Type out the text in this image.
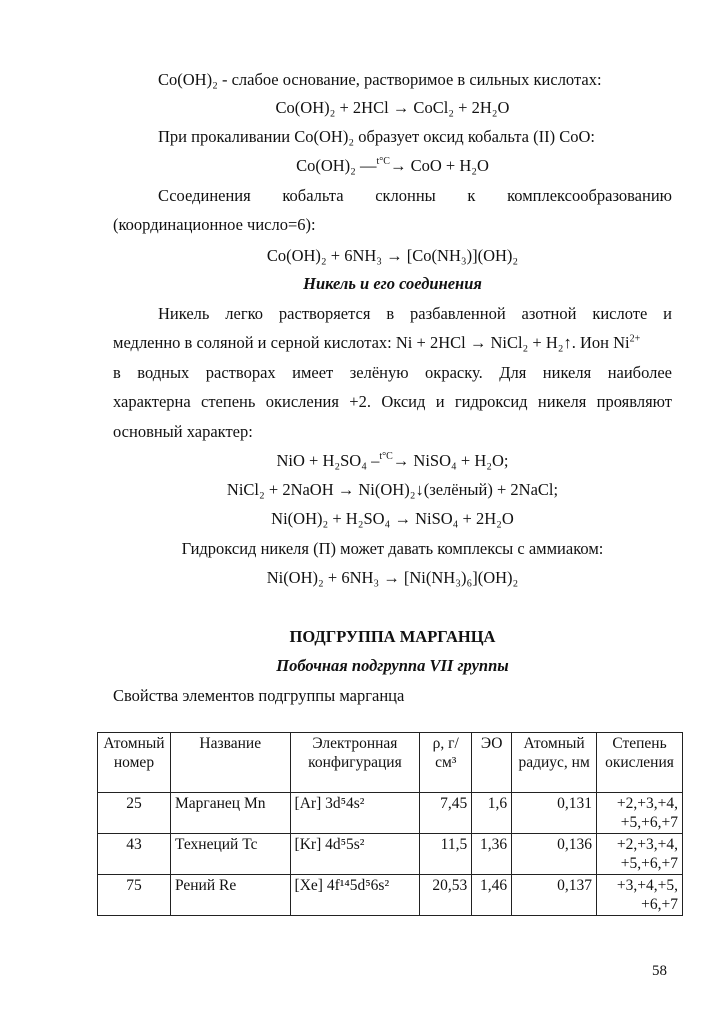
Co(OH)₂ - слабое основание, растворимое в сильных кислотах:
Co(OH)₂ + 2HCl → CoCl₂ + 2H₂O
При прокаливании Co(OH)₂ образует оксид кобальта (II) CoO:
Co(OH)₂ —$^{t^\circ C}$→ CoO + H₂O
Ссоединения кобальта склонны к комплексообразованию
(координационное число=6):
Co(OH)₂ + 6NH₃ → [Co(NH₃)](OH)₂
Никель и его соединения
Никель легко растворяется в разбавленной азотной кислоте и
медленно в соляной и серной кислотах: Ni + 2HCl → NiCl₂ + H₂↑. Ион $Ni^{2+}$
в водных растворах имеет зелёную окраску. Для никеля наиболее
характерна степень окисления +2. Оксид и гидроксид никеля проявляют
основный характер:
NiO + H₂SO₄ –$^{t^\circ C}$→ NiSO₄ + H₂O;
NiCl₂ + 2NaOH → Ni(OH)₂↓(зелёный) + 2NaCl;
Ni(OH)₂ + H₂SO₄ → NiSO₄ + 2H₂O
Гидроксид никеля (П) может давать комплексы с аммиаком:
Ni(OH)₂ + 6NH₃ → [Ni(NH₃)₆](OH)₂
ПОДГРУППА МАРГАНЦА
Побочная подгруппа VII группы
Свойства элементов подгруппы марганца
Атомный номер	Название	Электронная конфигурация	ρ, г/см³	ЭО	Атомный радиус, нм	Степень окисления
25	Марганец Mn	[Ar] 3d⁵4s²	7,45	1,6	0,131	+2,+3,+4, +5,+6,+7
43	Технеций Tc	[Kr] 4d⁵5s²	11,5	1,36	0,136	+2,+3,+4, +5,+6,+7
75	Рений Re	[Xe] 4f¹⁴5d⁵6s²	20,53	1,46	0,137	+3,+4,+5, +6,+7
58
